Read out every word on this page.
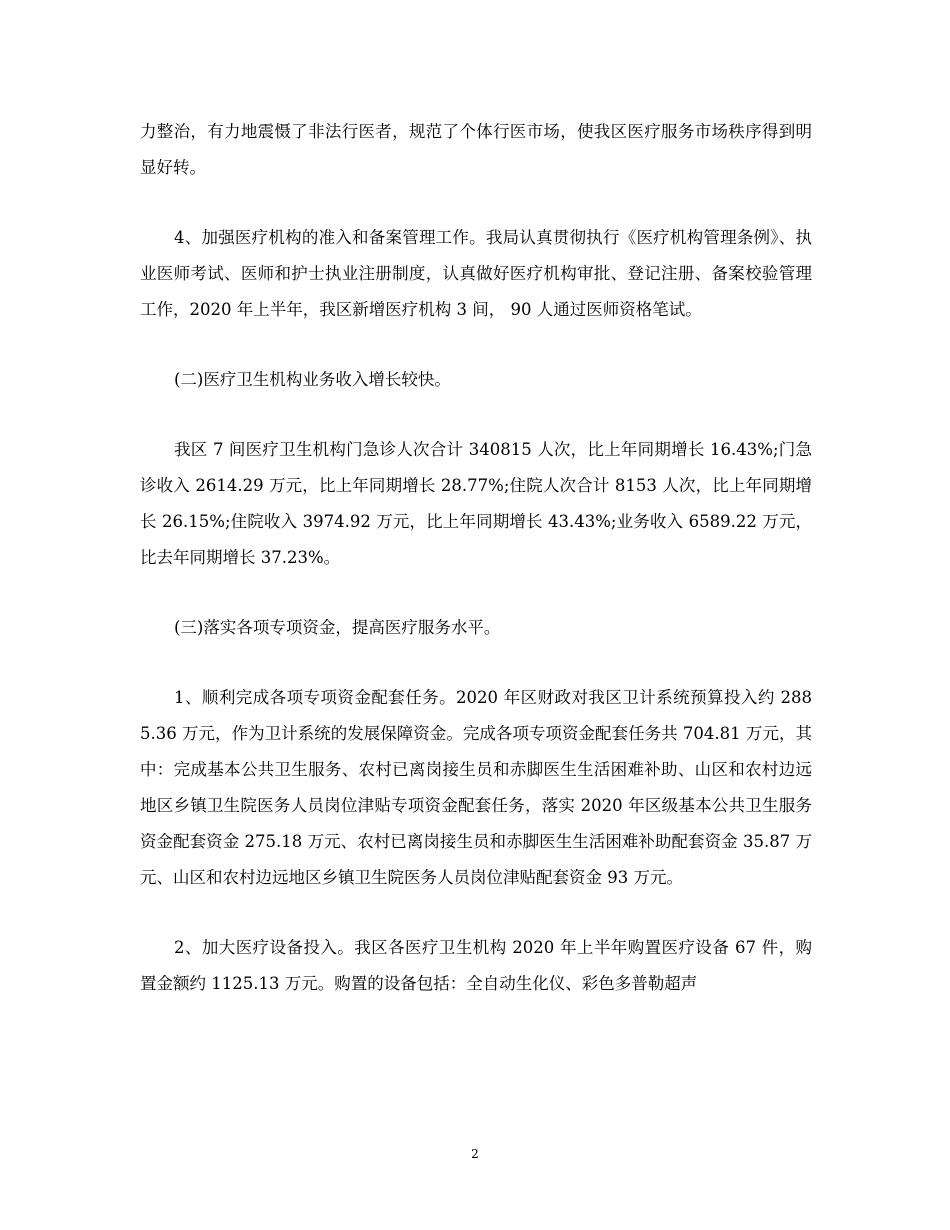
力整治，有力地震慑了非法行医者，规范了个体行医市场，使我区医疗服务市场秩序得到明显好转。

4、加强医疗机构的准入和备案管理工作。我局认真贯彻执行《医疗机构管理条例》、执业医师考试、医师和护士执业注册制度，认真做好医疗机构审批、登记注册、备案校验管理工作，2020 年上半年，我区新增医疗机构 3 间， 90 人通过医师资格笔试。

(二)医疗卫生机构业务收入增长较快。

我区 7 间医疗卫生机构门急诊人次合计 340815 人次，比上年同期增长 16.43%;门急诊收入 2614.29 万元，比上年同期增长 28.77%;住院人次合计 8153 人次，比上年同期增长 26.15%;住院收入 3974.92 万元，比上年同期增长 43.43%;业务收入 6589.22 万元，比去年同期增长 37.23%。

(三)落实各项专项资金，提高医疗服务水平。

1、顺利完成各项专项资金配套任务。2020 年区财政对我区卫计系统预算投入约 2885.36 万元，作为卫计系统的发展保障资金。完成各项专项资金配套任务共 704.81 万元，其中：完成基本公共卫生服务、农村已离岗接生员和赤脚医生生活困难补助、山区和农村边远地区乡镇卫生院医务人员岗位津贴专项资金配套任务，落实 2020 年区级基本公共卫生服务资金配套资金 275.18 万元、农村已离岗接生员和赤脚医生生活困难补助配套资金 35.87 万元、山区和农村边远地区乡镇卫生院医务人员岗位津贴配套资金 93 万元。

2、加大医疗设备投入。我区各医疗卫生机构 2020 年上半年购置医疗设备 67 件，购置金额约 1125.13 万元。购置的设备包括：全自动生化仪、彩色多普勒超声

2
